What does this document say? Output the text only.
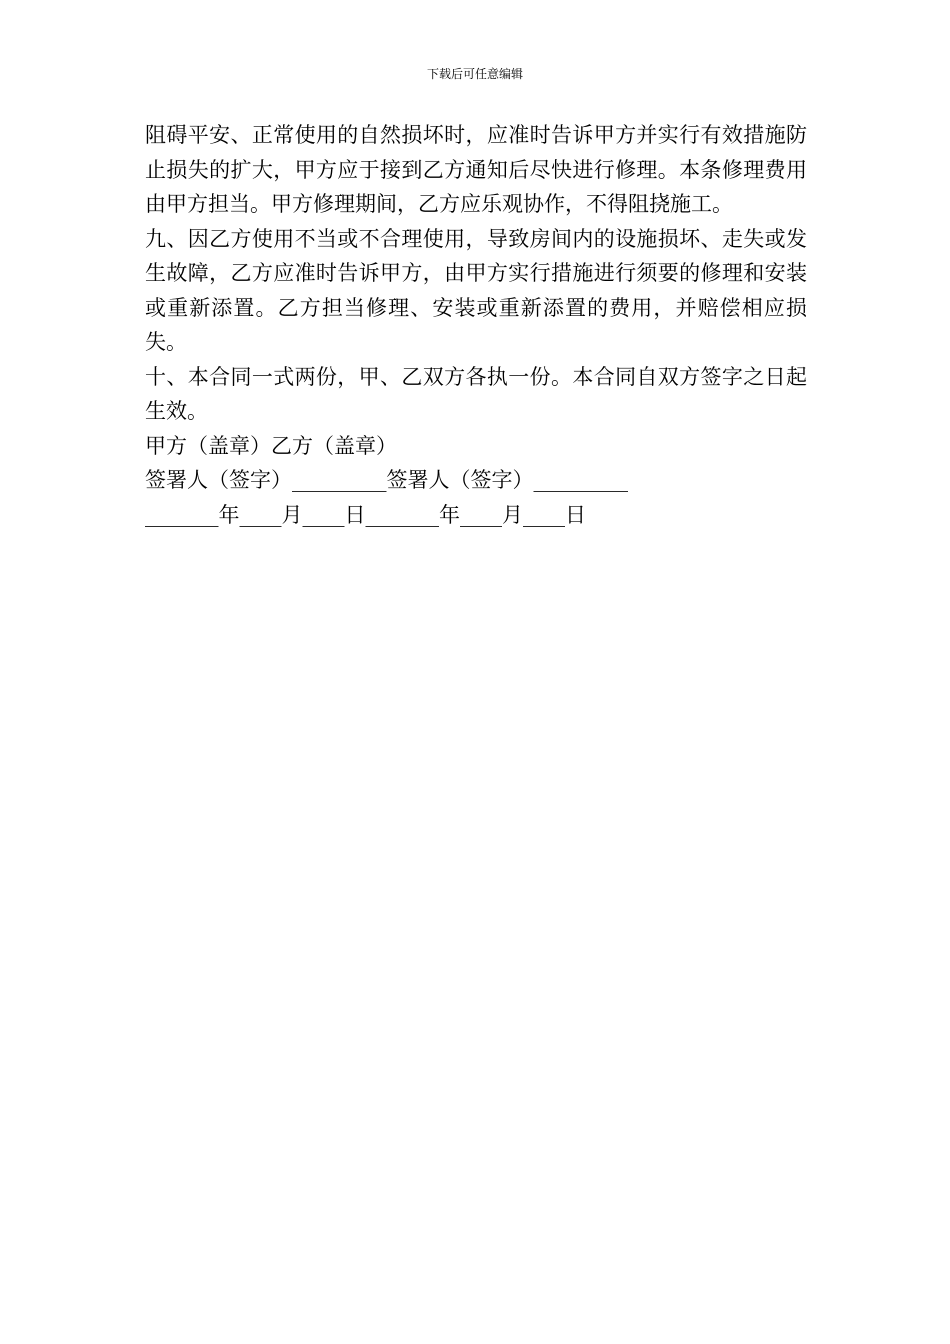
下载后可任意编辑

阻碍平安、正常使用的自然损坏时，应准时告诉甲方并实行有效措施防止损失的扩大，甲方应于接到乙方通知后尽快进行修理。本条修理费用由甲方担当。甲方修理期间，乙方应乐观协作，不得阻挠施工。

九、因乙方使用不当或不合理使用，导致房间内的设施损坏、走失或发生故障，乙方应准时告诉甲方，由甲方实行措施进行须要的修理和安装或重新添置。乙方担当修理、安装或重新添置的费用，并赔偿相应损失。

十、本合同一式两份，甲、乙双方各执一份。本合同自双方签字之日起生效。

甲方（盖章）乙方（盖章）

签署人（签字）_________签署人（签字）_________

_______年____月____日_______年____月____日
